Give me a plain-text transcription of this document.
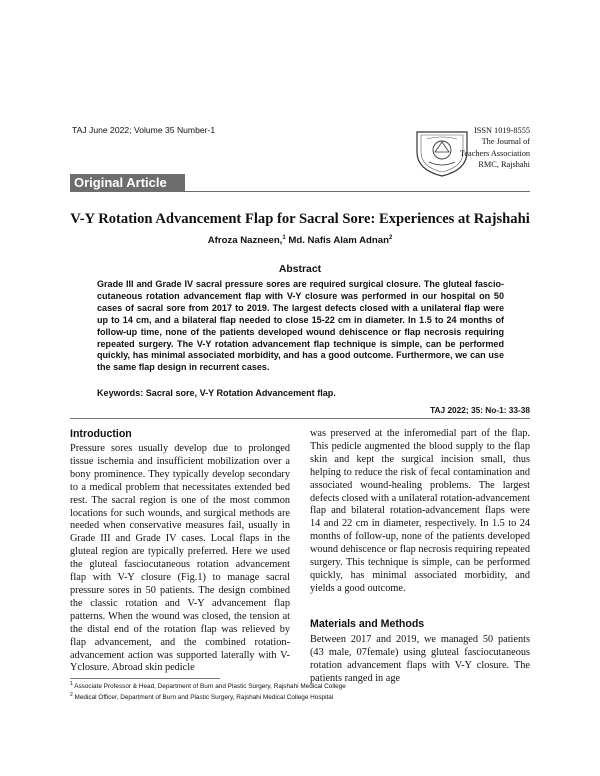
TAJ June 2022; Volume 35 Number-1	ISSN 1019-8555
The Journal of
Teachers Association
RMC, Rajshahi
Original Article
V-Y Rotation Advancement Flap for Sacral Sore: Experiences at Rajshahi
Afroza Nazneen,$^1$ Md. Nafis Alam Adnan$^2$
Abstract

Grade III and Grade IV sacral pressure sores are required surgical closure. The gluteal fascio-cutaneous rotation advancement flap with V-Y closure was performed in our hospital on 50 cases of sacral sore from 2017 to 2019. The largest defects closed with a unilateral flap were up to 14 cm, and a bilateral flap needed to close 15-22 cm in diameter. In 1.5 to 24 months of follow-up time, none of the patients developed wound dehiscence or flap necrosis requiring repeated surgery. The V-Y rotation advancement flap technique is simple, can be performed quickly, has minimal associated morbidity, and has a good outcome. Furthermore, we can use the same flap design in recurrent cases.

Keywords: Sacral sore, V-Y Rotation Advancement flap.
TAJ 2022; 35: No-1: 33-38
Introduction

Pressure sores usually develop due to prolonged tissue ischemia and insufficient mobilization over a bony prominence. They typically develop secondary to a medical problem that necessitates extended bed rest. The sacral region is one of the most common locations for such wounds, and surgical methods are needed when conservative measures fail, usually in Grade III and Grade IV cases. Local flaps in the gluteal region are typically preferred. Here we used the gluteal fasciocutaneous rotation advancement flap with V-Y closure (Fig.1) to manage sacral pressure sores in 50 patients. The design combined the classic rotation and V-Y advancement flap patterns. When the wound was closed, the tension at the distal end of the rotation flap was relieved by flap advancement, and the combined rotation-advancement action was supported laterally with V-Yclosure. Abroad skin pedicle

was preserved at the inferomedial part of the flap. This pedicle augmented the blood supply to the flap skin and kept the surgical incision small, thus helping to reduce the risk of fecal contamination and associated wound-healing problems. The largest defects closed with a unilateral rotation-advancement flap and bilateral rotation-advancement flaps were 14 and 22 cm in diameter, respectively. In 1.5 to 24 months of follow-up, none of the patients developed wound dehiscence or flap necrosis requiring repeated surgery. This technique is simple, can be performed quickly, has minimal associated morbidity, and yields a good outcome.

Materials and Methods

Between 2017 and 2019, we managed 50 patients (43 male, 07female) using gluteal fasciocutaneous rotation advancement flaps with V-Y closure. The patients ranged in age

$^1$ Associate Professor & Head, Department of Burn and Plastic Surgery, Rajshahi Medical College
$^2$ Medical Officer, Department of Burn and Plastic Surgery, Rajshahi Medical College Hospital
